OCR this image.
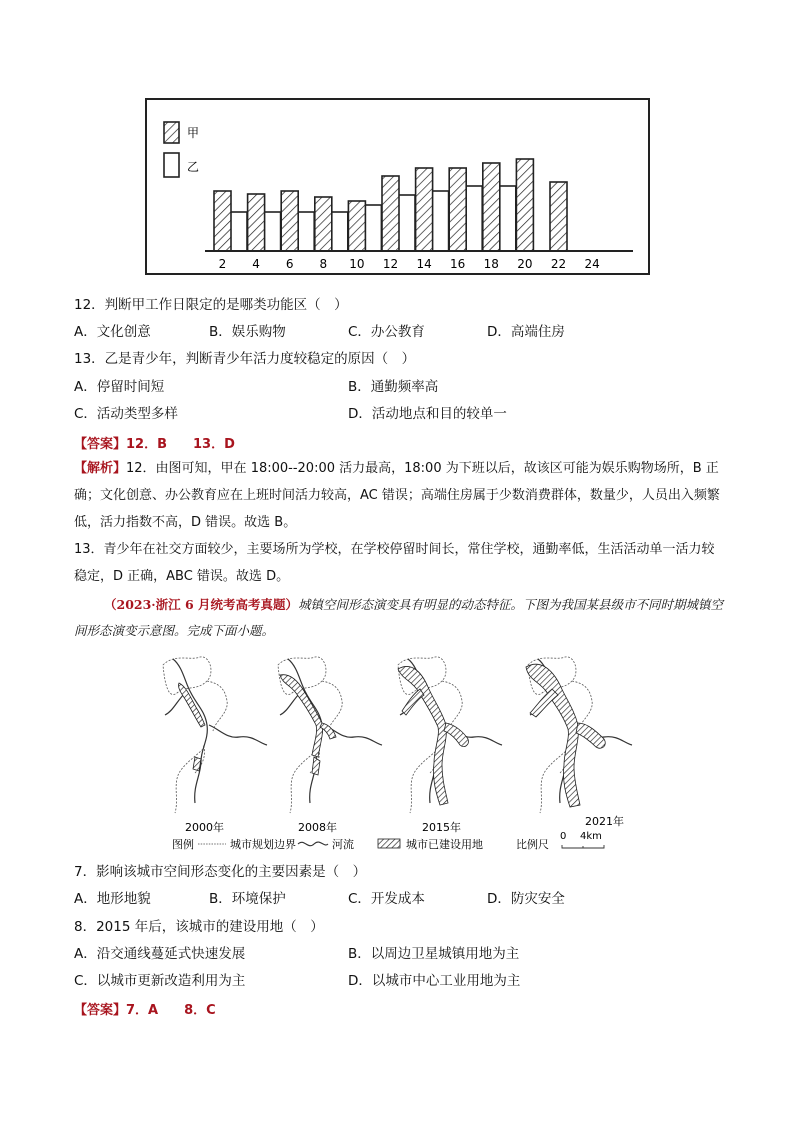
甲
乙
2 4 6 8 10 12 14 16 18 20 22 24
12．判断甲工作日限定的是哪类功能区（　）
A．文化创意	B．娱乐购物	C．办公教育	D．高端住房
13．乙是青少年，判断青少年活力度较稳定的原因（　）
A．停留时间短	B．通勤频率高
C．活动类型多样	D．活动地点和目的较单一
【答案】12．B　　13．D
【解析】12．由图可知，甲在 18:00--20:00 活力最高，18:00 为下班以后，故该区可能为娱乐购物场所，B 正确；文化创意、办公教育应在上班时间活力较高，AC 错误；高端住房属于少数消费群体，数量少，人员出入频繁低，活力指数不高，D 错误。故选 B。
13．青少年在社交方面较少，主要场所为学校，在学校停留时间长，常住学校，通勤率低，生活活动单一活力较稳定，D 正确，ABC 错误。故选 D。
（2023·浙江 6 月统考高考真题）城镇空间形态演变具有明显的动态特征。下图为我国某县级市不同时期城镇空间形态演变示意图。完成下面小题。
2000年	2008年	2015年	2021年
图例	城市规划边界	河流	城市已建设用地	比例尺
0 4km
7．影响该城市空间形态变化的主要因素是（　）
A．地形地貌	B．环境保护	C．开发成本	D．防灾安全
8．2015 年后，该城市的建设用地（　）
A．沿交通线蔓延式快速发展	B．以周边卫星城镇用地为主
C．以城市更新改造利用为主	D．以城市中心工业用地为主
【答案】7．A　　8．C
